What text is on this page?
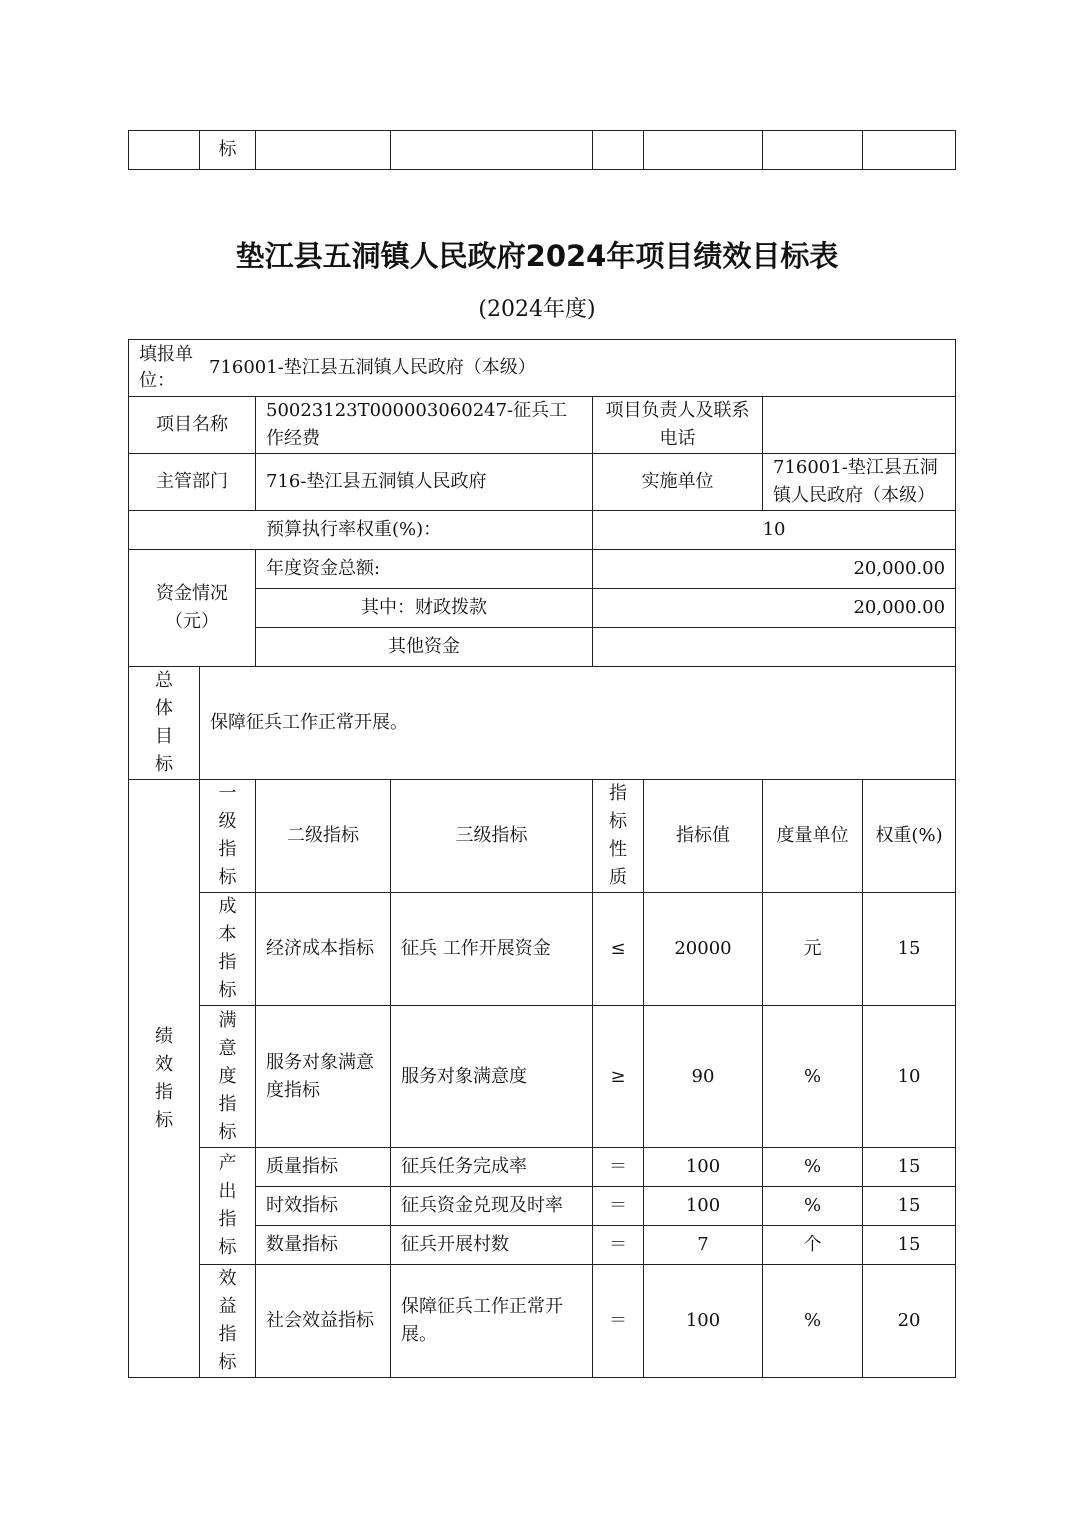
	标						
垫江县五洞镇人民政府2024年项目绩效目标表
(2024年度)
填报单位：
716001-垫江县五洞镇人民政府（本级）							

项目名称		50023123T000003060247-征兵工作经费		项目负责人及联系电话			
主管部门		716-垫江县五洞镇人民政府		实施单位		716001-垫江县五洞镇人民政府（本级）	
预算执行率权重(%)：				10			
资金情况（元）		年度资金总额:		20,000.00			
		其中：财政拨款		20,000.00			
		其他资金					
总体目标	保障征兵工作正常开展。						
绩效指标	一级指标	二级指标	三级指标	指标性质	指标值	度量单位	权重(%)
	成本指标	经济成本指标	征兵 工作开展资金	≤	20000	元	15
	满意度指标	服务对象满意度指标	服务对象满意度	≥	90	%	10
	产出指标	质量指标	征兵任务完成率	＝	100	%	15
		时效指标	征兵资金兑现及时率	＝	100	%	15
		数量指标	征兵开展村数	＝	7	个	15
	效益指标	社会效益指标	保障征兵工作正常开展。	＝	100	%	20
